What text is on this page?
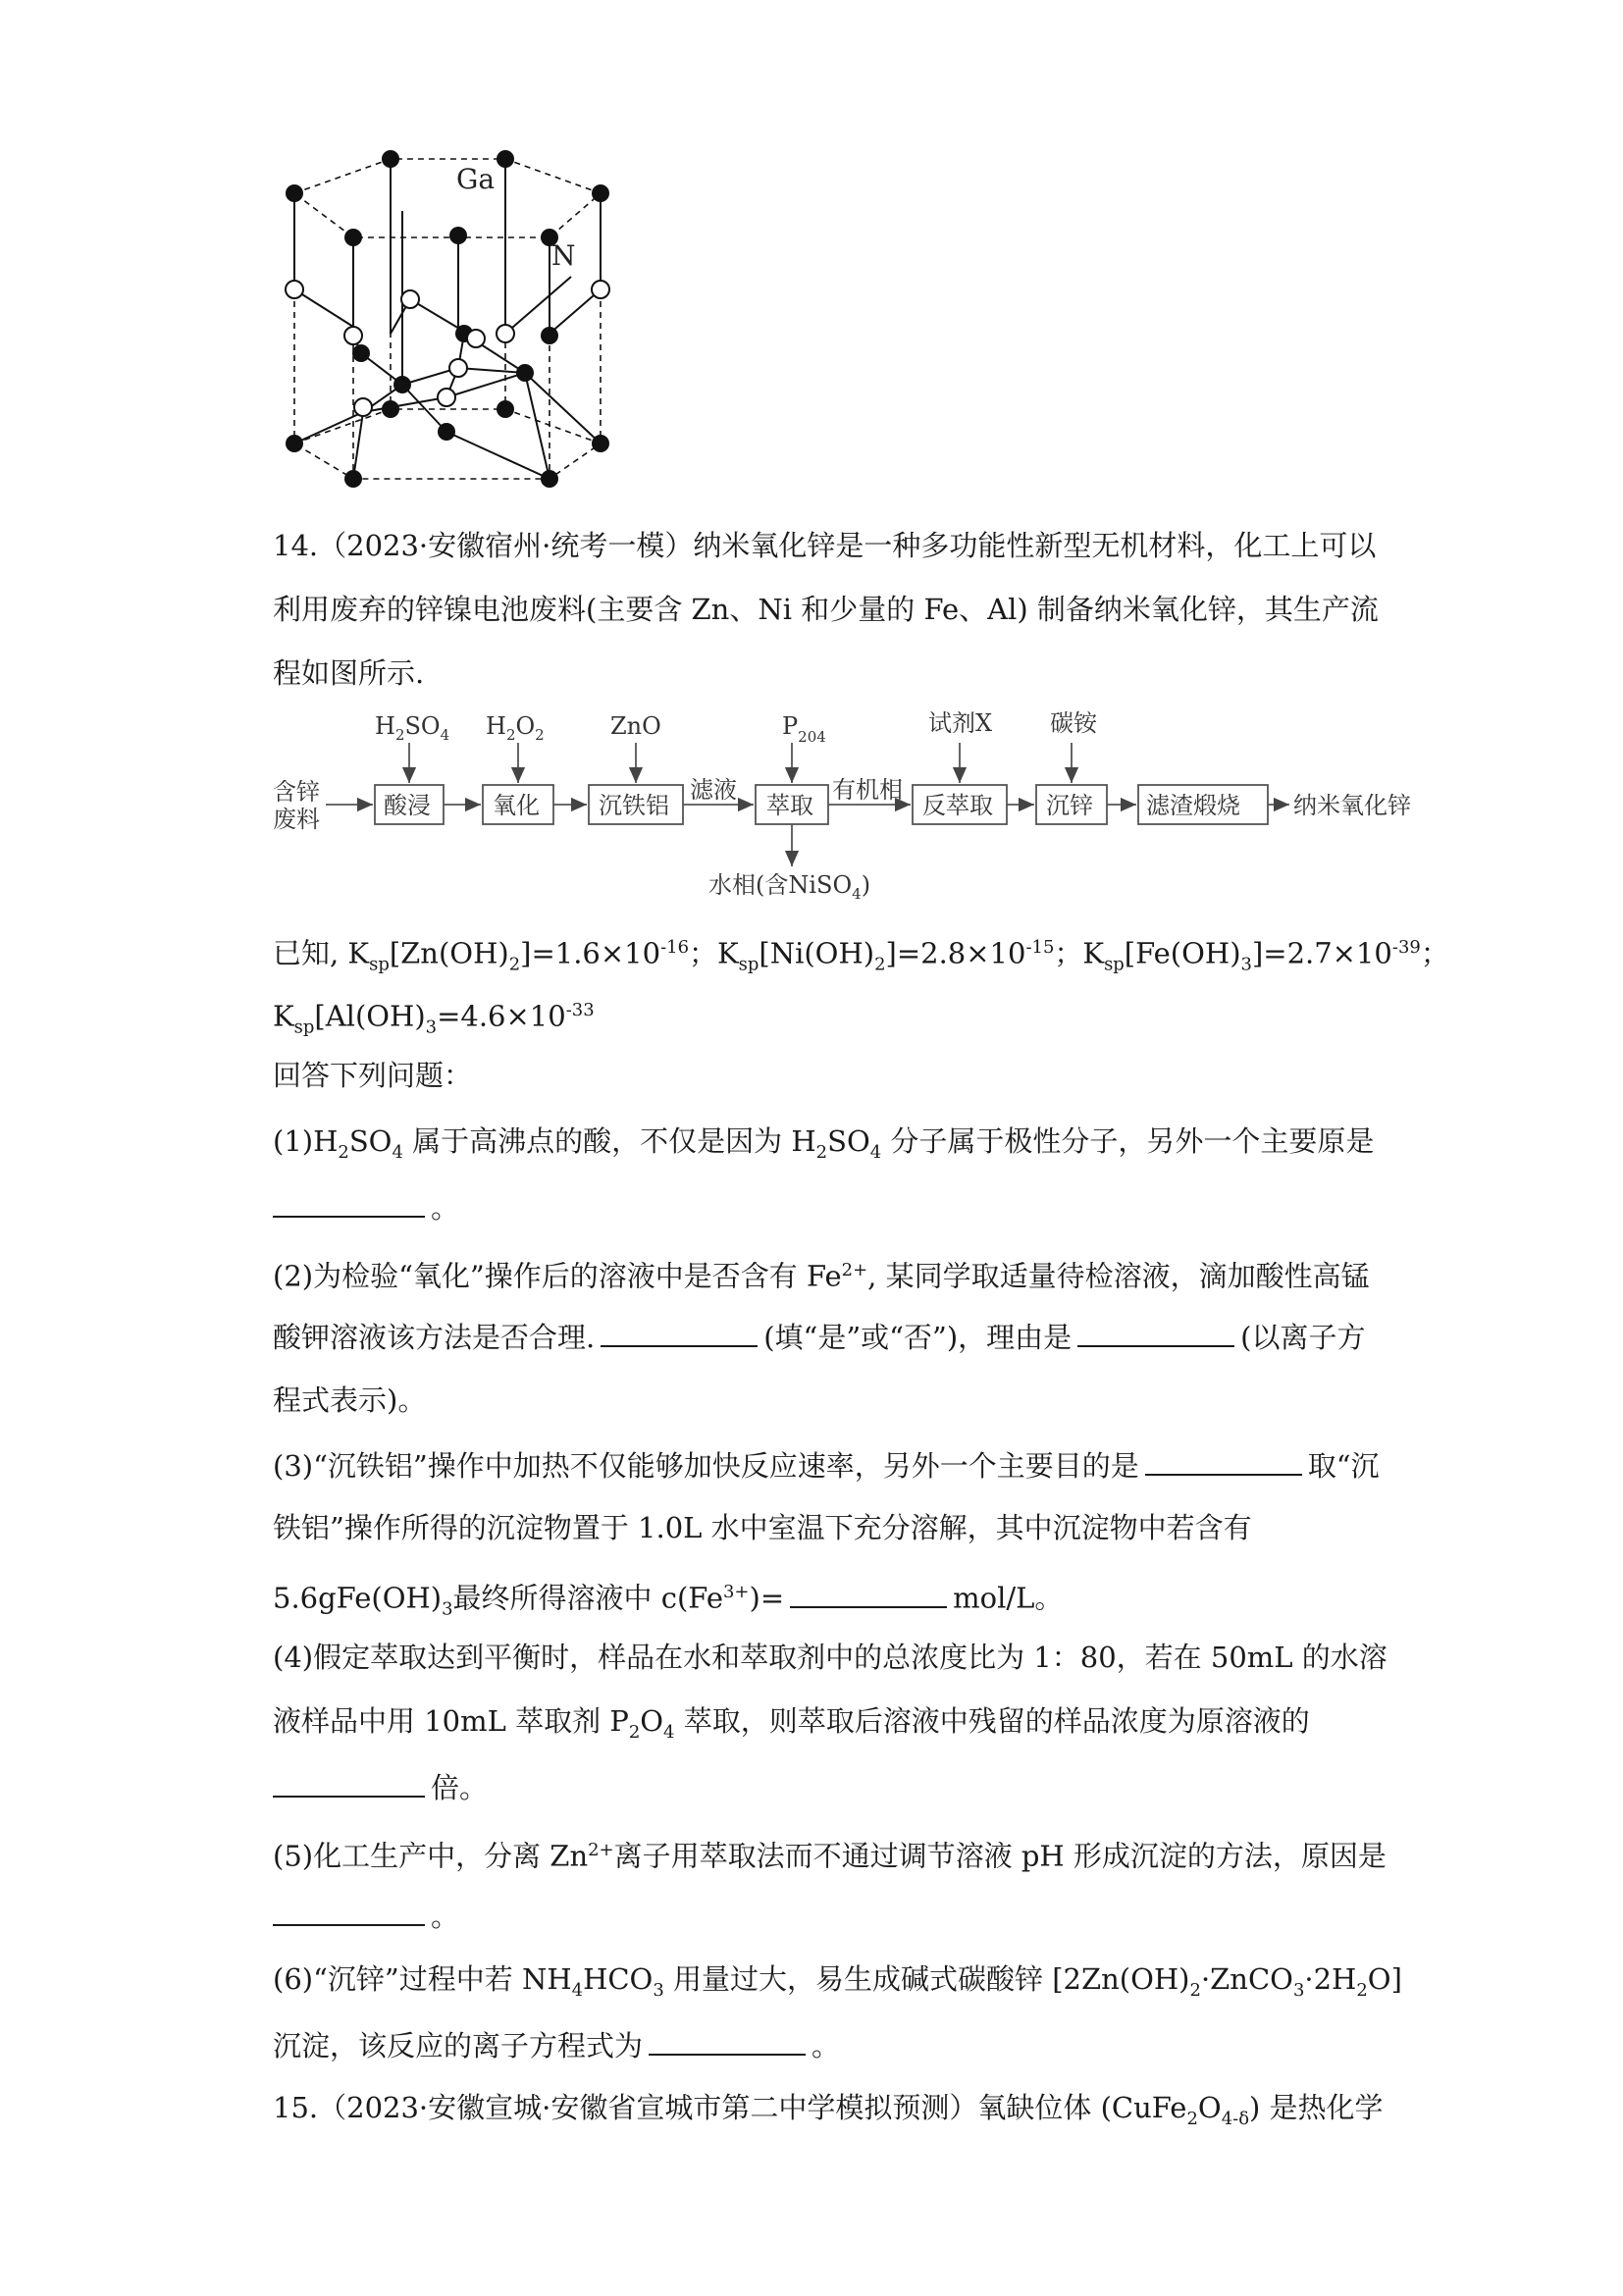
Ga
N
14.（2023·安徽宿州·统考一模）纳米氧化锌是一种多功能性新型无机材料，化工上可以
利用废弃的锌镍电池废料(主要含 Zn、Ni 和少量的 Fe、Al) 制备纳米氧化锌，其生产流
程如图所示.
含锌
废料	酸浸	氧化	沉铁铝	萃取	反萃取 沉锌 滤渣煅烧
滤液	有机相
纳米氧化锌
$H_2SO_4$ $H_2O_2$	ZnO	$P_{204}$	试剂X 碳铵
水相(含NiSO$_4$)
已知, $K_{sp}[Zn(OH)_2]=1.6\times 10^{-16}$；$K_{sp}[Ni(OH)_2]=2.8\times 10^{-15}$；$K_{sp}[Fe(OH)_3]=2.7\times 10^{-39}$；
$K_{sp}[Al(OH)_3=4.6\times 10^{-33}$
回答下列问题：
$(1)H_2SO_4$ 属于高沸点的酸，不仅是因为 $H_2SO_4$ 分子属于极性分子，另外一个主要原是
。
(2)为检验“氧化”操作后的溶液中是否含有 $Fe^{2+}$, 某同学取适量待检溶液，滴加酸性高锰
酸钾溶液该方法是否合理.	(填“是”或“否”)，理由是	(以离子方
程式表示)。
(3)“沉铁铝”操作中加热不仅能够加快反应速率，另外一个主要目的是	取“沉
铁铝”操作所得的沉淀物置于 1.0L 水中室温下充分溶解，其中沉淀物中若含有
$5.6gFe(OH)_3$最终所得溶液中 $c(Fe^{3+})=$	mol/L。
(4)假定萃取达到平衡时，样品在水和萃取剂中的总浓度比为 1：80，若在 50mL 的水溶
液样品中用 10mL 萃取剂 $P_2O_4$ 萃取，则萃取后溶液中残留的样品浓度为原溶液的
倍。
(5)化工生产中，分离 $Zn^{2+}$离子用萃取法而不通过调节溶液 pH 形成沉淀的方法，原因是
。
(6)“沉锌”过程中若 $NH_4HCO_3$ 用量过大，易生成碱式碳酸锌 $[2Zn(OH)_2\cdot ZnCO_3\cdot 2H_2O]$
沉淀，该反应的离子方程式为	。
15.（2023·安徽宣城·安徽省宣城市第二中学模拟预测）氧缺位体 $(CuFe_2O_{4-\delta})$ 是热化学
